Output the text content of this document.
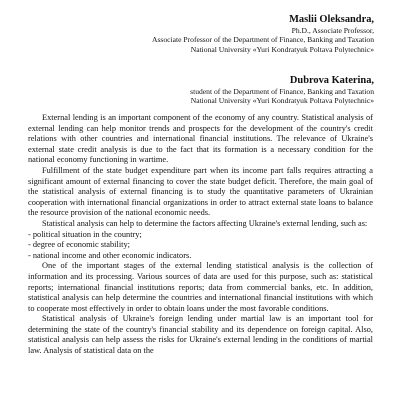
Maslii Oleksandra,
Ph.D., Associate Professor,
Associate Professor of the Department of Finance, Banking and Taxation
National University «Yuri Kondratyuk Poltava Polytechnic»
Dubrova Katerina,
student of the Department of Finance, Banking and Taxation
National University «Yuri Kondratyuk Poltava Polytechnic»

External lending is an important component of the economy of any country. Statistical analysis of external lending can help monitor trends and prospects for the development of the country's credit relations with other countries and international financial institutions. The relevance of Ukraine's external state credit analysis is due to the fact that its formation is a necessary condition for the national economy functioning in wartime.

Fulfillment of the state budget expenditure part when its income part falls requires attracting a significant amount of external financing to cover the state budget deficit. Therefore, the main goal of the statistical analysis of external financing is to study the quantitative parameters of Ukrainian cooperation with international financial organizations in order to attract external state loans to balance the resource provision of the national economic needs.

Statistical analysis can help to determine the factors affecting Ukraine's external lending, such as:

- political situation in the country;
- degree of economic stability;
- national income and other economic indicators.

One of the important stages of the external lending statistical analysis is the collection of information and its processing. Various sources of data are used for this purpose, such as: statistical reports; international financial institutions reports; data from commercial banks, etc. In addition, statistical analysis can help determine the countries and international financial institutions with which to cooperate most effectively in order to obtain loans under the most favorable conditions.

Statistical analysis of Ukraine's foreign lending under martial law is an important tool for determining the state of the country's financial stability and its dependence on foreign capital. Also, statistical analysis can help assess the risks for Ukraine's external lending in the conditions of martial law. Analysis of statistical data on the
